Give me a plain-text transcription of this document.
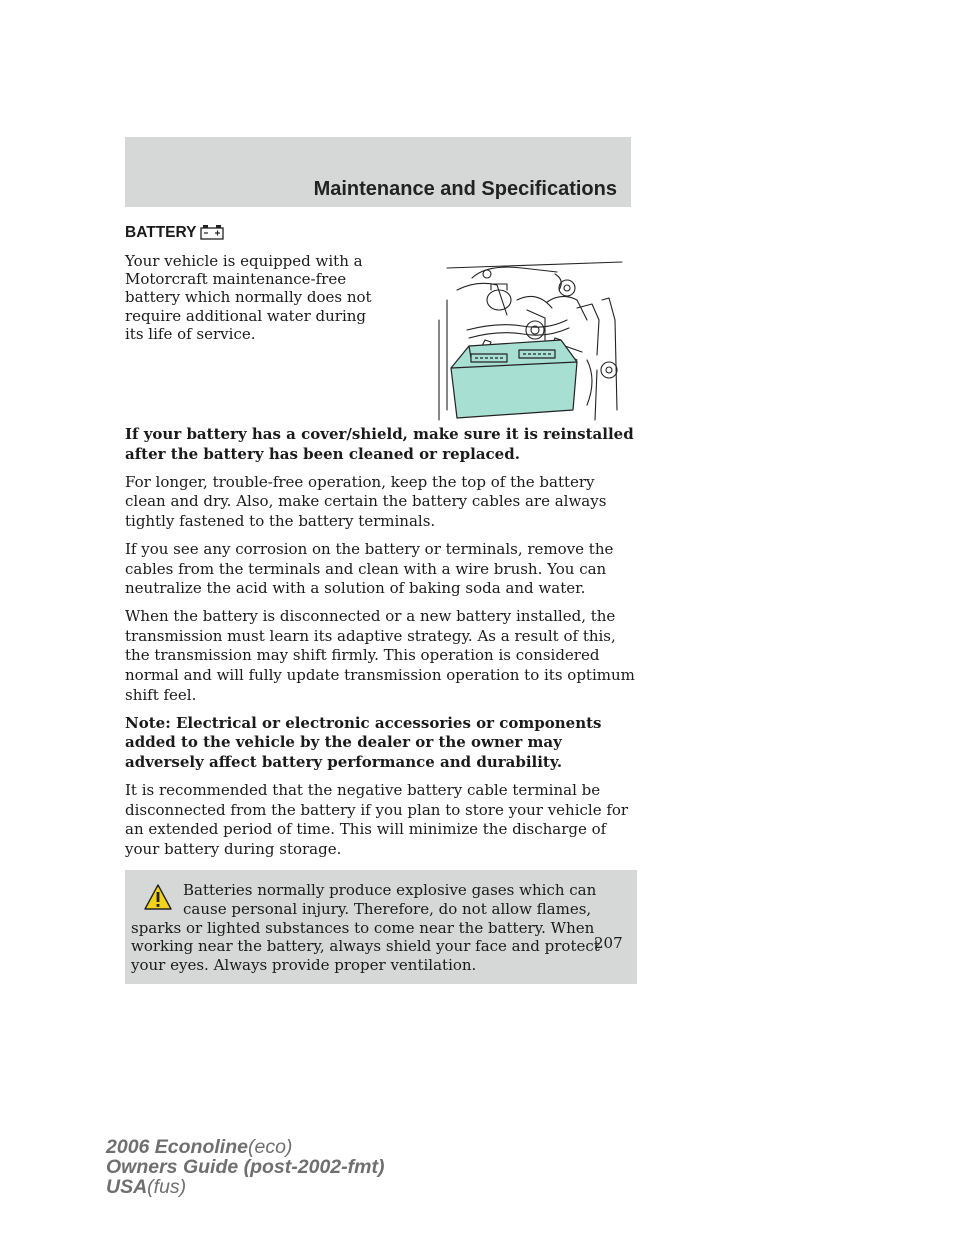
Maintenance and Specifications
BATTERY

Your vehicle is equipped with a Motorcraft maintenance-free battery which normally does not require additional water during its life of service.

If your battery has a cover/shield, make sure it is reinstalled after the battery has been cleaned or replaced.

For longer, trouble-free operation, keep the top of the battery clean and dry. Also, make certain the battery cables are always tightly fastened to the battery terminals.

If you see any corrosion on the battery or terminals, remove the cables from the terminals and clean with a wire brush. You can neutralize the acid with a solution of baking soda and water.

When the battery is disconnected or a new battery installed, the transmission must learn its adaptive strategy. As a result of this, the transmission may shift firmly. This operation is considered normal and will fully update transmission operation to its optimum shift feel.

Note: Electrical or electronic accessories or components added to the vehicle by the dealer or the owner may adversely affect battery performance and durability.

It is recommended that the negative battery cable terminal be disconnected from the battery if you plan to store your vehicle for an extended period of time. This will minimize the discharge of your battery during storage.

Batteries normally produce explosive gases which can cause personal injury. Therefore, do not allow flames, sparks or lighted substances to come near the battery. When working near the battery, always shield your face and protect your eyes. Always provide proper ventilation.
207
2006 Econoline(eco)
Owners Guide (post-2002-fmt)
USA(fus)
